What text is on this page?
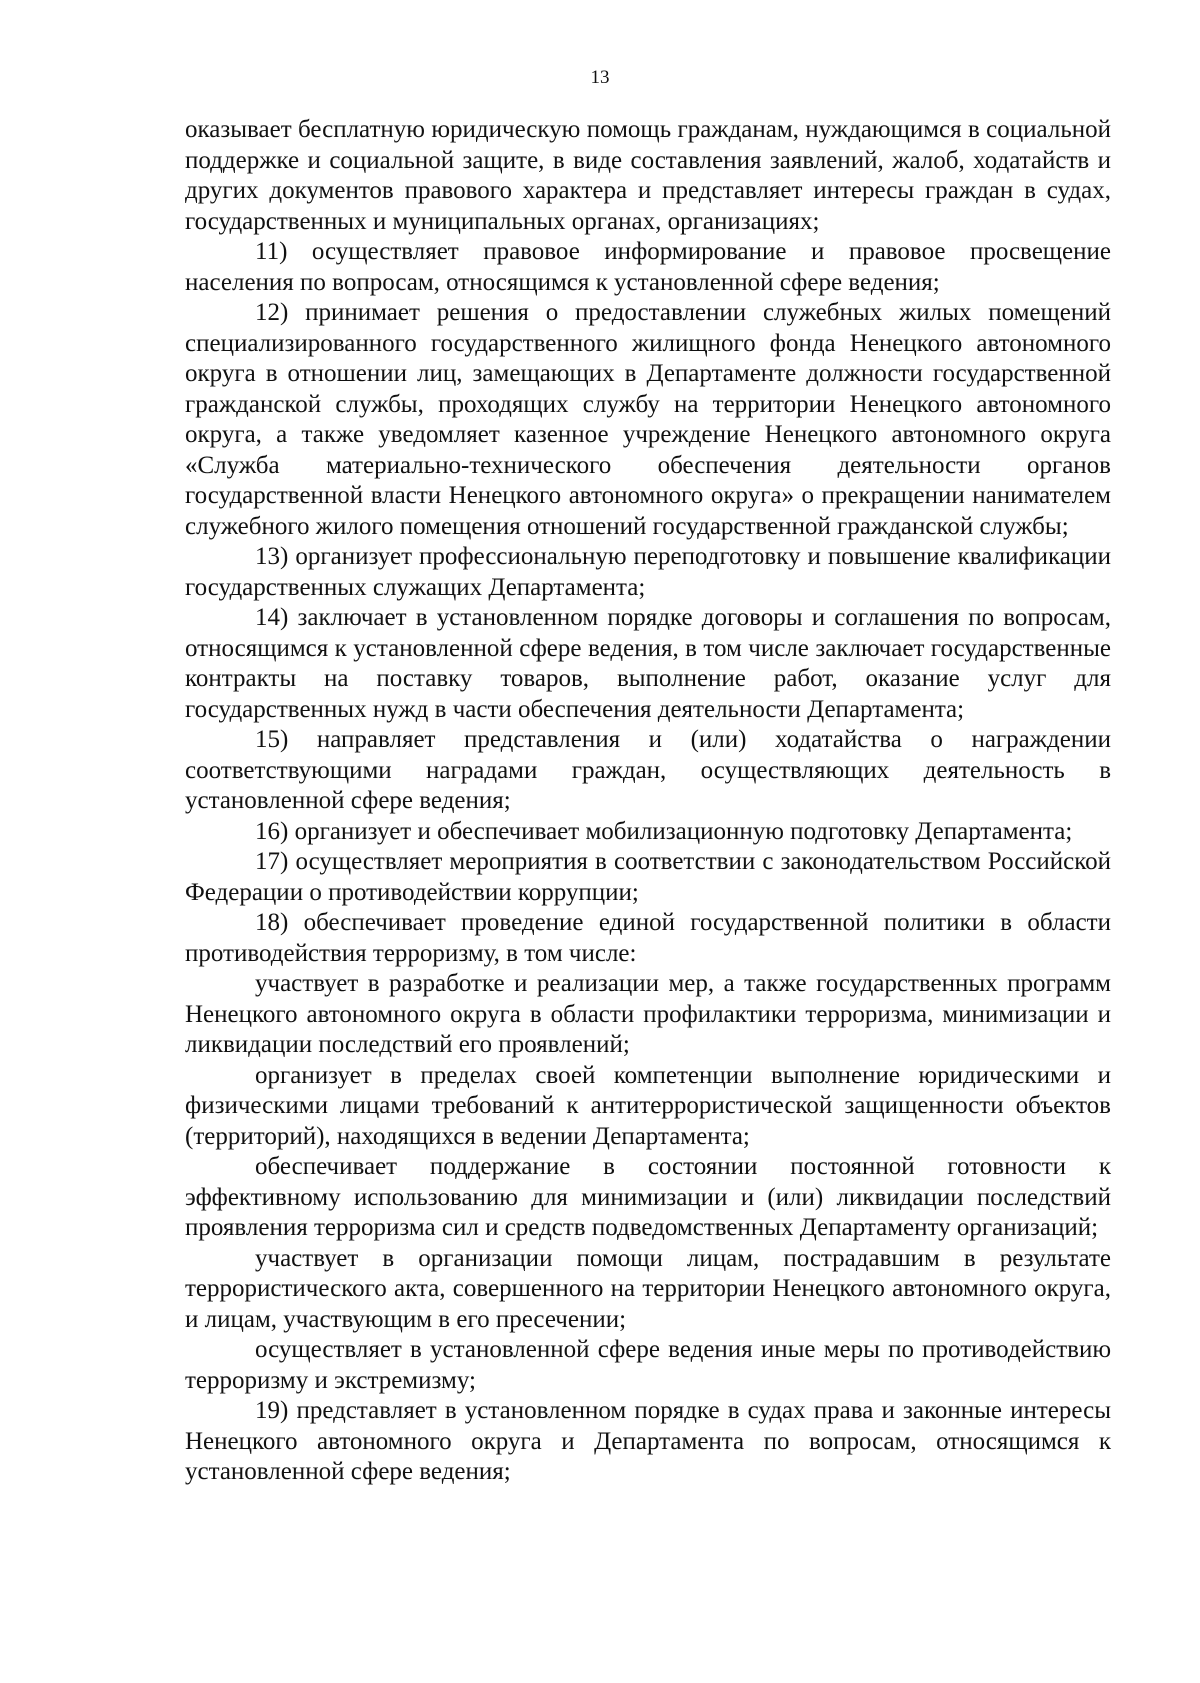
13

оказывает бесплатную юридическую помощь гражданам, нуждающимся в социальной поддержке и социальной защите, в виде составления заявлений, жалоб, ходатайств и других документов правового характера и представляет интересы граждан в судах, государственных и муниципальных органах, организациях;

11) осуществляет правовое информирование и правовое просвещение населения по вопросам, относящимся к установленной сфере ведения;

12) принимает решения о предоставлении служебных жилых помещений специализированного государственного жилищного фонда Ненецкого автономного округа в отношении лиц, замещающих в Департаменте должности государственной гражданской службы, проходящих службу на территории Ненецкого автономного округа, а также уведомляет казенное учреждение Ненецкого автономного округа «Служба материально-технического обеспечения деятельности органов государственной власти Ненецкого автономного округа» о прекращении нанимателем служебного жилого помещения отношений государственной гражданской службы;

13) организует профессиональную переподготовку и повышение квалификации государственных служащих Департамента;

14) заключает в установленном порядке договоры и соглашения по вопросам, относящимся к установленной сфере ведения, в том числе заключает государственные контракты на поставку товаров, выполнение работ, оказание услуг для государственных нужд в части обеспечения деятельности Департамента;

15) направляет представления и (или) ходатайства о награждении соответствующими наградами граждан, осуществляющих деятельность в установленной сфере ведения;

16) организует и обеспечивает мобилизационную подготовку Департамента;

17) осуществляет мероприятия в соответствии с законодательством Российской Федерации о противодействии коррупции;

18) обеспечивает проведение единой государственной политики в области противодействия терроризму, в том числе:

участвует в разработке и реализации мер, а также государственных программ Ненецкого автономного округа в области профилактики терроризма, минимизации и ликвидации последствий его проявлений;

организует в пределах своей компетенции выполнение юридическими и физическими лицами требований к антитеррористической защищенности объектов (территорий), находящихся в ведении Департамента;

обеспечивает поддержание в состоянии постоянной готовности к эффективному использованию для минимизации и (или) ликвидации последствий проявления терроризма сил и средств подведомственных Департаменту организаций;

участвует в организации помощи лицам, пострадавшим в результате террористического акта, совершенного на территории Ненецкого автономного округа, и лицам, участвующим в его пресечении;

осуществляет в установленной сфере ведения иные меры по противодействию терроризму и экстремизму;

19) представляет в установленном порядке в судах права и законные интересы Ненецкого автономного округа и Департамента по вопросам, относящимся к установленной сфере ведения;
